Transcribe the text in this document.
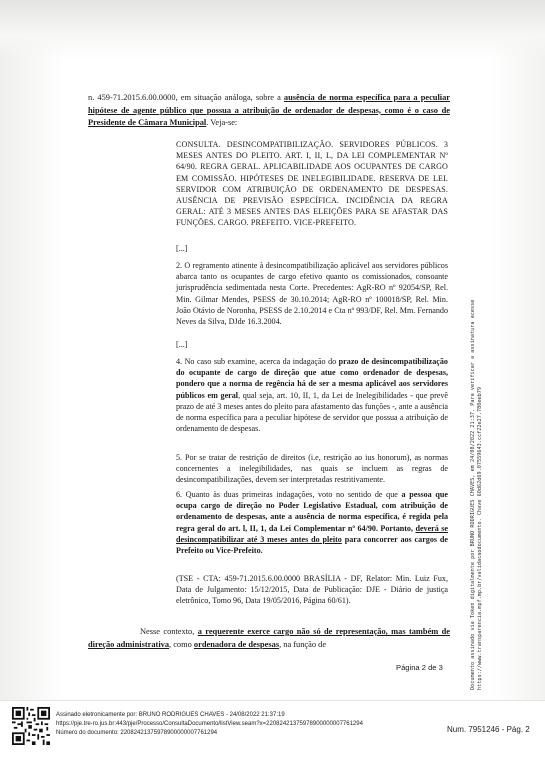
n. 459-71.2015.6.00.0000, em situação análoga, sobre a ausência de norma específica para a peculiar hipótese de agente público que possua a atribuição de ordenador de despesas, como é o caso de Presidente de Câmara Municipal. Veja-se:

CONSULTA. DESINCOMPATIBILIZAÇÃO. SERVIDORES PÚBLICOS. 3 MESES ANTES DO PLEITO. ART. I, II, L, DA LEI COMPLEMENTAR Nº 64/90. REGRA GERAL. APLICABILIDADE AOS OCUPANTES DE CARGO EM COMISSÃO. HIPÓTESES DE INELEGIBILIDADE. RESERVA DE LEI. SERVIDOR COM ATRIBUIÇÃO DE ORDENAMENTO DE DESPESAS. AUSÊNCIA DE PREVISÃO ESPECÍFICA. INCIDÊNCIA DA REGRA GERAL: ATÉ 3 MESES ANTES DAS ELEIÇÕES PARA SE AFASTAR DAS FUNÇÕES. CARGO. PREFEITO. VICE-PREFEITO.

[...]

2. O regramento atinente à desincompatibilização aplicável aos servidores públicos abarca tanto os ocupantes de cargo efetivo quanto os comissionados, consoante jurisprudência sedimentada nesta Corte. Precedentes: AgR-RO nº 92054/SP, Rel. Min. Gilmar Mendes, PSESS de 30.10.2014; AgR-RO nº 100018/SP, Rel. Min. João Otávio de Noronha, PSESS de 2.10.2014 e Cta nº 993/DF, Rel. Mm. Fernando Neves da Silva, DJde 16.3.2004.

[...]

4. No caso sub examine, acerca da indagação do prazo de desincompatibilização do ocupante de cargo de direção que atue como ordenador de despesas, pondero que a norma de regência há de ser a mesma aplicável aos servidores públicos em geral, qual seja, art. 10, II, 1, da Lei de Inelegibilidades - que prevê prazo de até 3 meses antes do pleito para afastamento das funções -, ante a ausência de norma específica para a peculiar hipótese de servidor que possua a atribuição de ordenamento de despesas.

5. Por se tratar de restrição de direitos (i.e, restrição ao ius honorum), as normas concernentes a inelegibilidades, nas quais se incluem as regras de desincompatibilizações, devem ser interpretadas restritivamente.

6. Quanto às duas primeiras indagações, voto no sentido de que a pessoa que ocupa cargo de direção no Poder Legislativo Estadual, com atribuição de ordenamento de despesas, ante a ausência de norma específica, é regida pela regra geral do art. l, II, 1, da Lei Complementar nº 64/90. Portanto, deverá se desincompatibilizar até 3 meses antes do pleito para concorrer aos cargos de Prefeito ou Vice-Prefeito.

(TSE - CTA: 459-71.2015.6.00.0000 BRASÍLIA - DF, Relator: Min. Luiz Fux, Data de Julgamento: 15/12/2015, Data de Publicação: DJE - Diário de justiça eletrônico, Tomo 96, Data 19/05/2016, Página 60/61).

Nesse contexto, a requerente exerce cargo não só de representação, mas também de direção administrativa, como ordenadora de despesas, na função de

Página 2 de 3	Documento assinado via Token digitalmente por BRUNO RODRIGUES CHAVES, em 24/08/2022 21:37. Para verificar a assinatura acesse https://www.transparencia.mpf.mp.br/validacaodocumento. Chave 60d62d69.07559643.ccf22e27.780eeb79

Assinado eletronicamente por: BRUNO RODRIGUES CHAVES - 24/08/2022 21:37:19

https://pje.tre-ro.jus.br:443/pje/Processo/ConsultaDocumento/listView.seam?x=22082421375978900000007761294

Número do documento: 22082421375978900000007761294	Num. 7951246 - Pág. 2
